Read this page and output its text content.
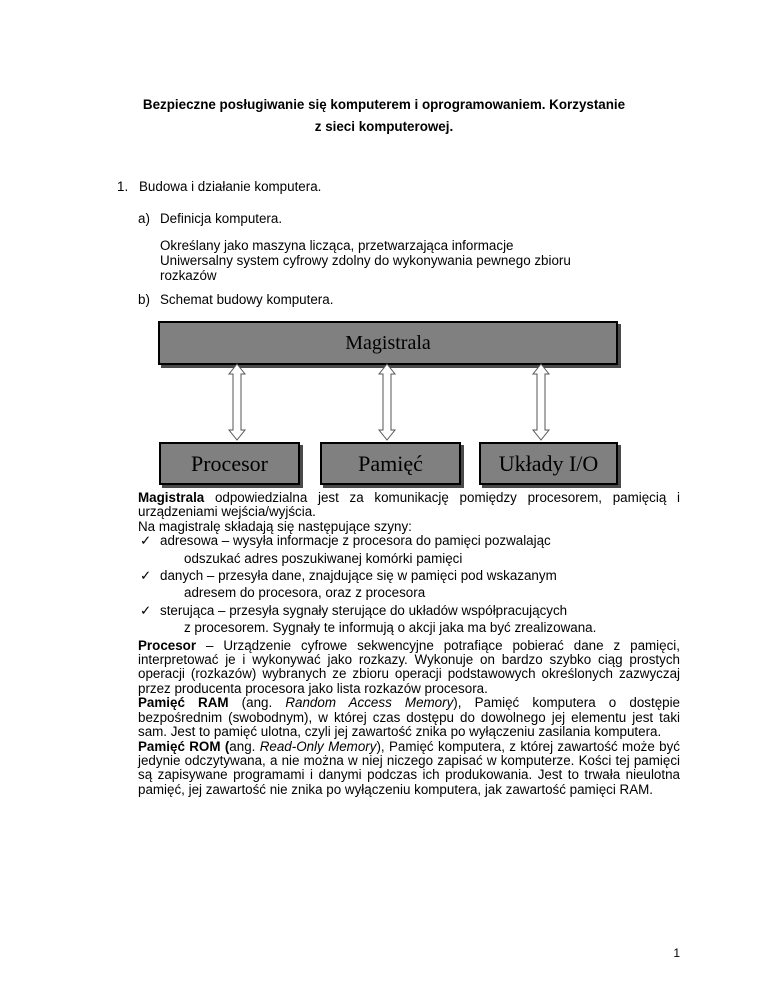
Bezpieczne posługiwanie się komputerem i oprogramowaniem. Korzystanie
z sieci komputerowej.
1. Budowa i działanie komputera.
a) Definicja komputera.
Określany jako maszyna licząca, przetwarzająca informacje
Uniwersalny system cyfrowy zdolny do wykonywania pewnego zbioru
rozkazów
b) Schemat budowy komputera.
Magistrala
Procesor	Pamięć	Układy I/O

Magistrala odpowiedzialna jest za komunikację pomiędzy procesorem, pamięcią i urządzeniami wejścia/wyjścia.

Na magistralę składają się następujące szyny:

✓ adresowa – wysyła informacje z procesora do pamięci pozwalając
odszukać adres poszukiwanej komórki pamięci
✓ danych – przesyła dane, znajdujące się w pamięci pod wskazanym
adresem do procesora, oraz z procesora
✓ sterująca – przesyła sygnały sterujące do układów współpracujących
z procesorem. Sygnały te informują o akcji jaka ma być zrealizowana.

Procesor – Urządzenie cyfrowe sekwencyjne potrafiące pobierać dane z pamięci, interpretować je i wykonywać jako rozkazy. Wykonuje on bardzo szybko ciąg prostych operacji (rozkazów) wybranych ze zbioru operacji podstawowych określonych zazwyczaj przez producenta procesora jako lista rozkazów procesora.

Pamięć RAM (ang. Random Access Memory), Pamięć komputera o dostępie bezpośrednim (swobodnym), w której czas dostępu do dowolnego jej elementu jest taki sam. Jest to pamięć ulotna, czyli jej zawartość znika po wyłączeniu zasilania komputera.

Pamięć ROM (ang. Read-Only Memory), Pamięć komputera, z której zawartość może być jedynie odczytywana, a nie można w niej niczego zapisać w komputerze. Kości tej pamięci są zapisywane programami i danymi podczas ich produkowania. Jest to trwała nieulotna pamięć, jej zawartość nie znika po wyłączeniu komputera, jak zawartość pamięci RAM.

1
